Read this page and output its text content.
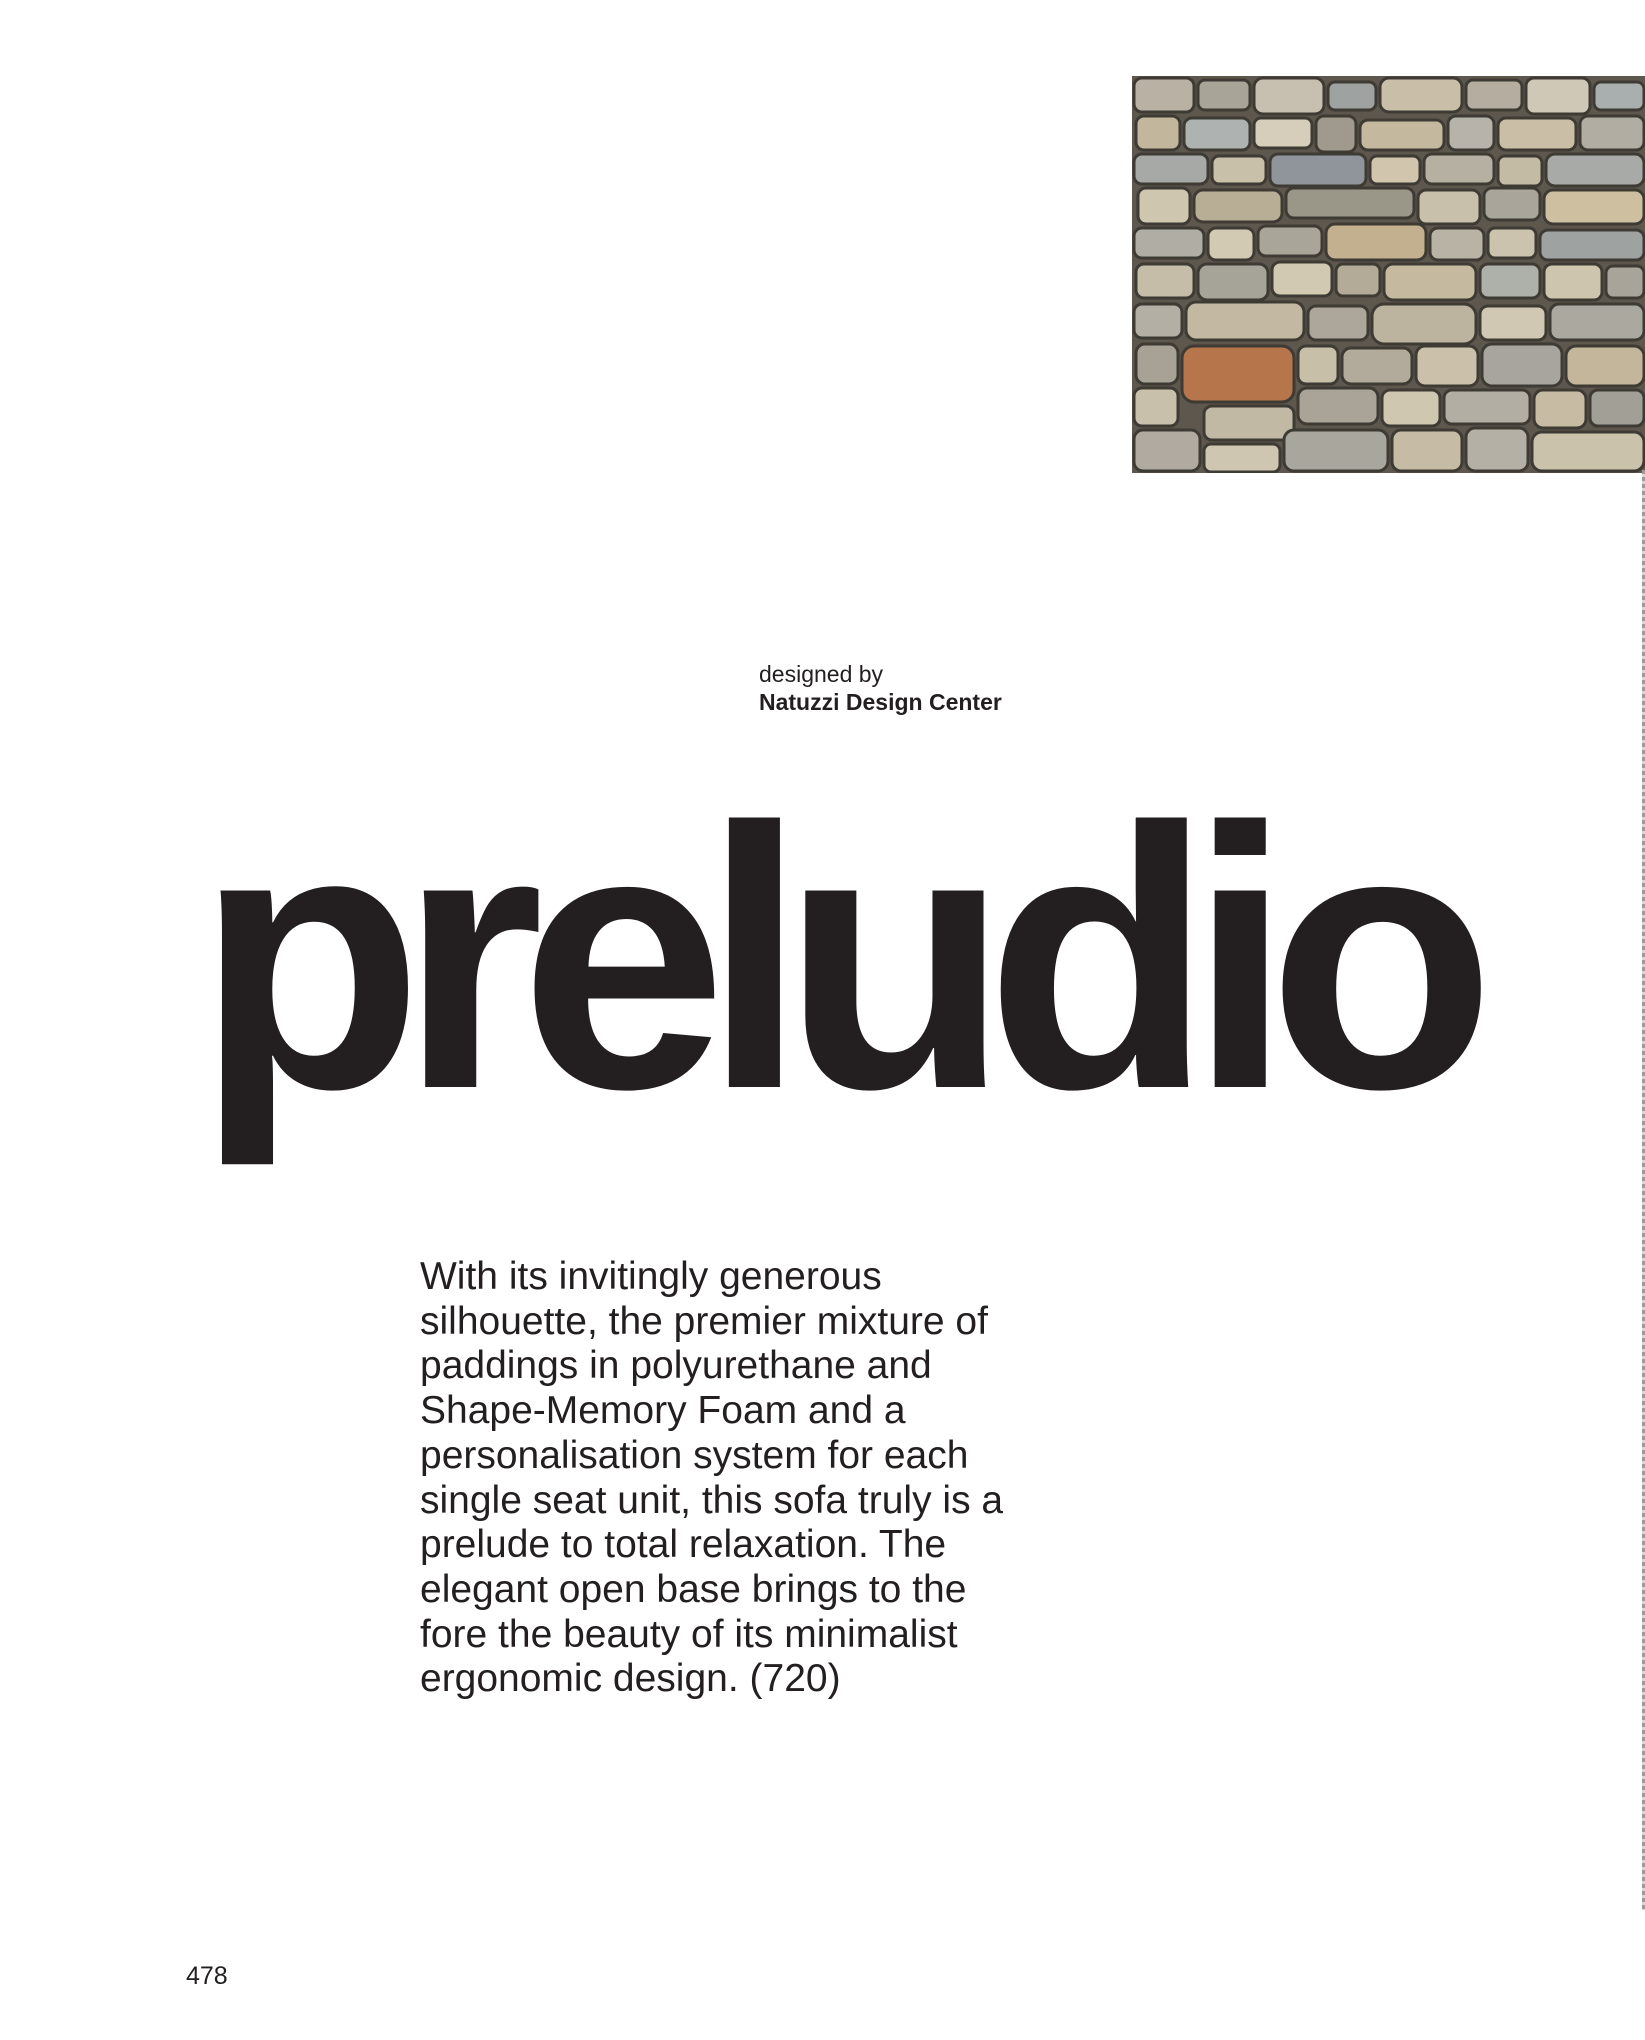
designed by
Natuzzi Design Center
preludio

With its invitingly generous silhouette, the premier mixture of paddings in polyurethane and Shape-Memory Foam and a personalisation system for each single seat unit, this sofa truly is a prelude to total relaxation. The elegant open base brings to the fore the beauty of its minimalist ergonomic design. (720)

478
